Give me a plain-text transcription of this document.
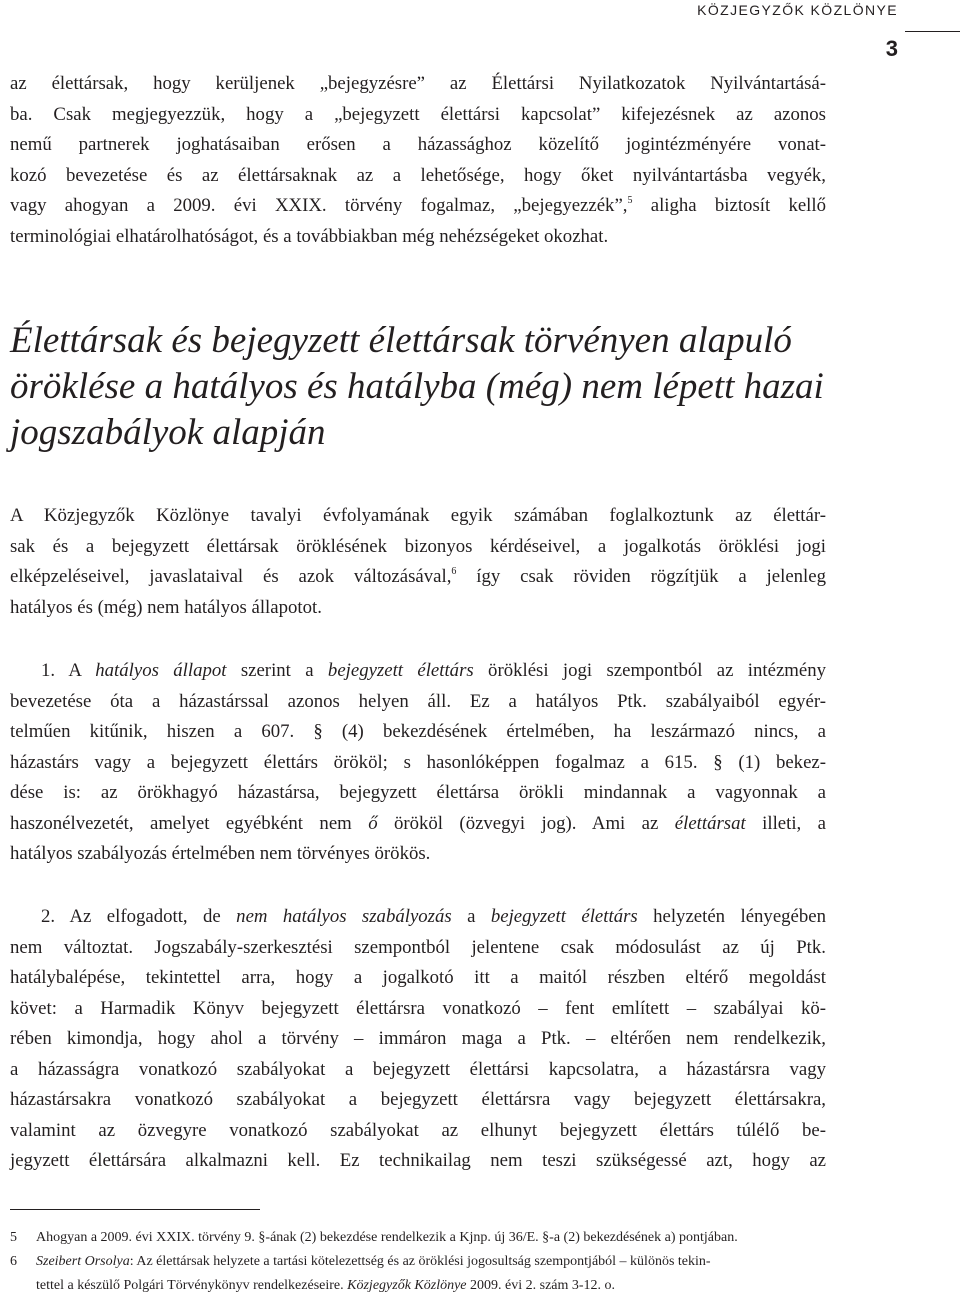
KÖZJEGYZŐK KÖZLÖNYE
3
az élettársak, hogy kerüljenek „bejegyzésre” az Élettársi Nyilatkozatok Nyilvántartásá-
ba. Csak megjegyezzük, hogy a „bejegyzett élettársi kapcsolat” kifejezésnek az azonos
nemű partnerek joghatásaiban erősen a házassághoz közelítő jogintézményére vonat-
kozó bevezetése és az élettársaknak az a lehetősége, hogy őket nyilvántartásba vegyék,
vagy ahogyan a 2009. évi XXIX. törvény fogalmaz, „bejegyezzék”,$^5$ aligha biztosít kellő
terminológiai elhatárolhatóságot, és a továbbiakban még nehézségeket okozhat.
Élettársak és bejegyzett élettársak törvényen alapuló
öröklése a hatályos és hatályba (még) nem lépett hazai
jogszabályok alapján
A Közjegyzők Közlönye tavalyi évfolyamának egyik számában foglalkoztunk az élettár-
sak és a bejegyzett élettársak öröklésének bizonyos kérdéseivel, a jogalkotás öröklési jogi
elképzeléseivel, javaslataival és azok változásával,$^6$ így csak röviden rögzítjük a jelenleg
hatályos és (még) nem hatályos állapotot.
1. A hatályos állapot szerint a bejegyzett élettárs öröklési jogi szempontból az intézmény
bevezetése óta a házastárssal azonos helyen áll. Ez a hatályos Ptk. szabályaiból egyér-
telműen kitűnik, hiszen a 607. § (4) bekezdésének értelmében, ha leszármazó nincs, a
házastárs vagy a bejegyzett élettárs örököl; s hasonlóképpen fogalmaz a 615. § (1) bekez-
dése is: az örökhagyó házastársa, bejegyzett élettársa örökli mindannak a vagyonnak a
haszonélvezetét, amelyet egyébként nem ő örököl (özvegyi jog). Ami az élettársat illeti, a
hatályos szabályozás értelmében nem törvényes örökös.
2. Az elfogadott, de nem hatályos szabályozás a bejegyzett élettárs helyzetén lényegében
nem változtat. Jogszabály-szerkesztési szempontból jelentene csak módosulást az új Ptk.
hatálybalépése, tekintettel arra, hogy a jogalkotó itt a maitól részben eltérő megoldást
követ: a Harmadik Könyv bejegyzett élettársra vonatkozó – fent említett – szabályai kö-
rében kimondja, hogy ahol a törvény – immáron maga a Ptk. – eltérően nem rendelkezik,
a házasságra vonatkozó szabályokat a bejegyzett élettársi kapcsolatra, a házastársra vagy
házastársakra vonatkozó szabályokat a bejegyzett élettársra vagy bejegyzett élettársakra,
valamint az özvegyre vonatkozó szabályokat az elhunyt bejegyzett élettárs túlélő be-
jegyzett élettársára alkalmazni kell. Ez technikailag nem teszi szükségessé azt, hogy az
5	Ahogyan a 2009. évi XXIX. törvény 9. §-ának (2) bekezdése rendelkezik a Kjnp. új 36/E. §-a (2) bekezdésének a) pontjában.
6	Szeibert Orsolya: Az élettársak helyzete a tartási kötelezettség és az öröklési jogosultság szempontjából – különös tekin-
tettel a készülő Polgári Törvénykönyv rendelkezéseire. Közjegyzők Közlönye 2009. évi 2. szám 3-12. o.
